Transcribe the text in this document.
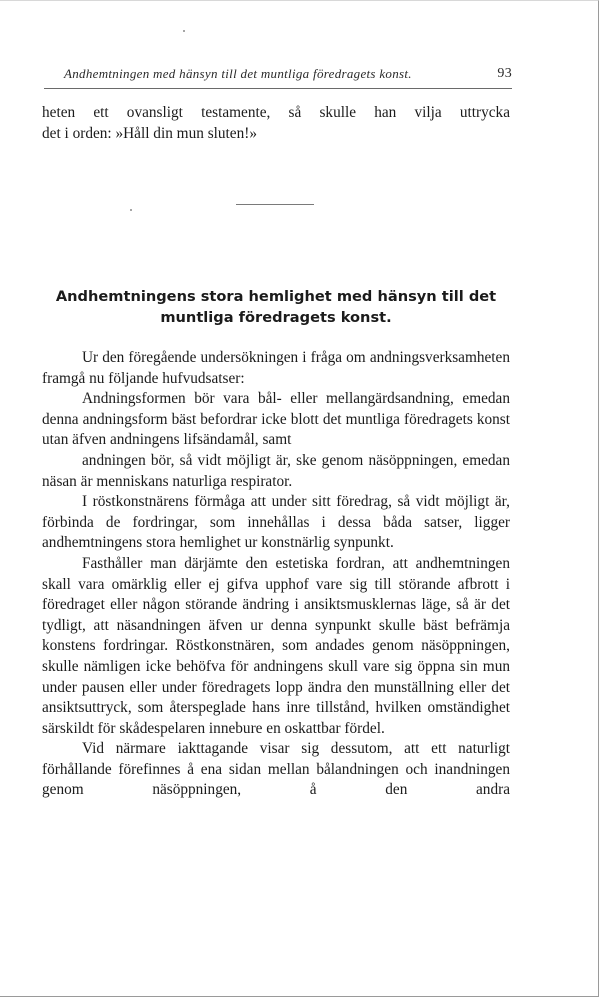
Andhemtningen med hänsyn till det muntliga föredragets konst.	93

heten ett ovansligt testamente, så skulle han vilja uttrycka

det i orden: »Håll din mun sluten!»

Andhemtningens stora hemlighet med hänsyn till det
muntliga föredragets konst.

Ur den föregående undersökningen i fråga om andningsverksamheten framgå nu följande hufvudsatser:

Andningsformen bör vara bål- eller mellangärdsandning, emedan denna andningsform bäst befordrar icke blott det muntliga föredragets konst utan äfven andningens lifsändamål, samt

andningen bör, så vidt möjligt är, ske genom näsöppningen, emedan näsan är menniskans naturliga respirator.

I röstkonstnärens förmåga att under sitt föredrag, så vidt möjligt är, förbinda de fordringar, som innehållas i dessa båda satser, ligger andhemtningens stora hemlighet ur konstnärlig synpunkt.

Fasthåller man därjämte den estetiska fordran, att andhemtningen skall vara omärklig eller ej gifva upphof vare sig till störande afbrott i föredraget eller någon störande ändring i ansiktsmusklernas läge, så är det tydligt, att näsandningen äfven ur denna synpunkt skulle bäst befrämja konstens fordringar. Röstkonstnären, som andades genom näsöppningen, skulle nämligen icke behöfva för andningens skull vare sig öppna sin mun under pausen eller under föredragets lopp ändra den munställning eller det ansiktsuttryck, som återspeglade hans inre tillstånd, hvilken omständighet särskildt för skådespelaren innebure en oskattbar fördel.

Vid närmare iakttagande visar sig dessutom, att ett naturligt förhållande förefinnes å ena sidan mellan bålandningen och inandningen genom näsöppningen, å den andra
